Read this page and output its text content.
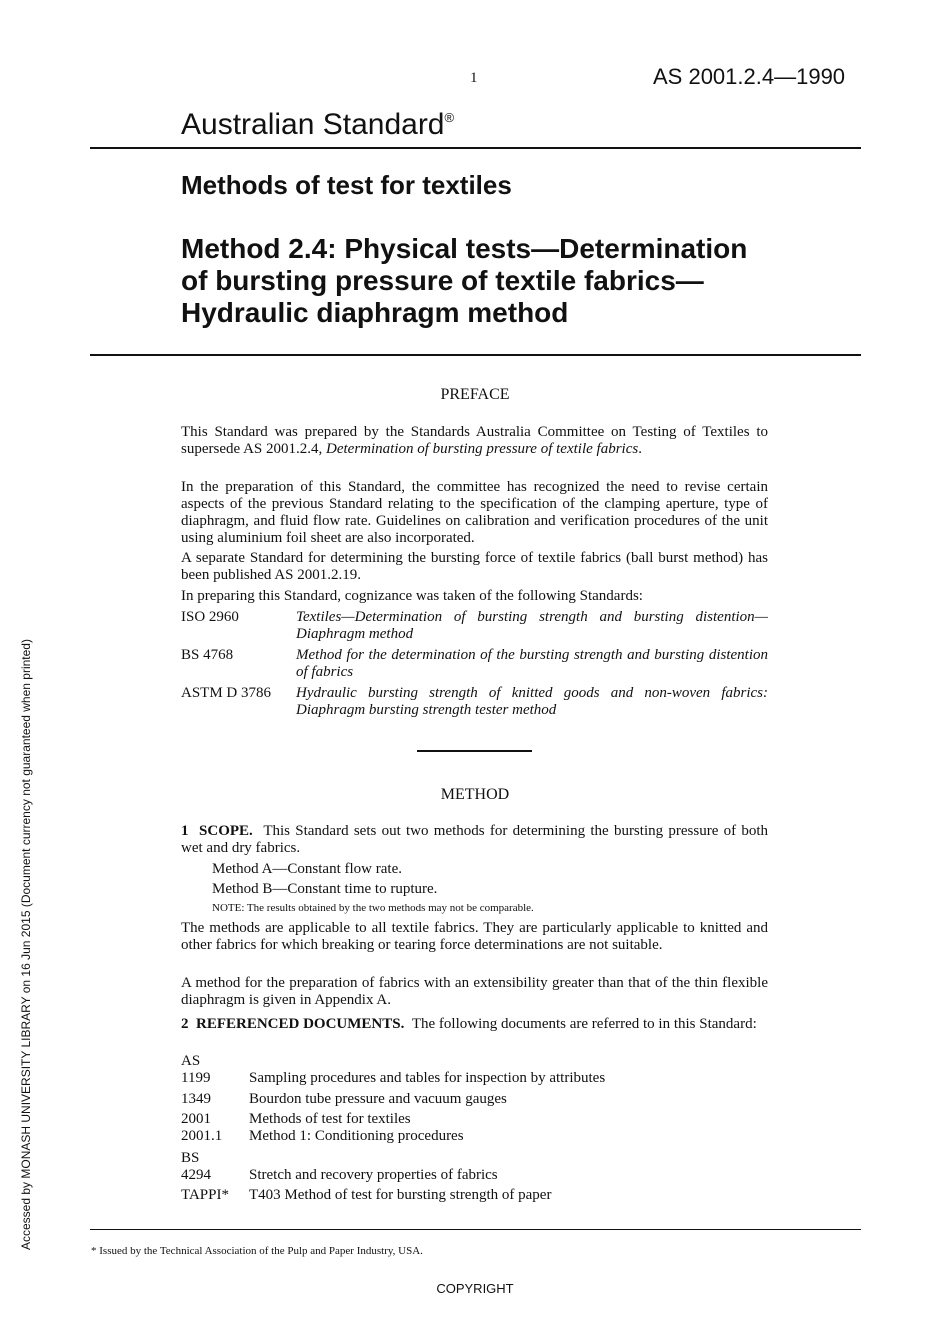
1	AS 2001.2.4—1990
Australian Standard®
Methods of test for textiles
Method 2.4: Physical tests—Determination
of bursting pressure of textile fabrics—
Hydraulic diaphragm method
PREFACE
This Standard was prepared by the Standards Australia Committee on Testing of Textiles to supersede AS 2001.2.4, Determination of bursting pressure of textile fabrics.
In the preparation of this Standard, the committee has recognized the need to revise certain aspects of the previous Standard relating to the specification of the clamping aperture, type of diaphragm, and fluid flow rate. Guidelines on calibration and verification procedures of the unit using aluminium foil sheet are also incorporated.
A separate Standard for determining the bursting force of textile fabrics (ball burst method) has been published AS 2001.2.19.
In preparing this Standard, cognizance was taken of the following Standards:
ISO 2960	Textiles—Determination of bursting strength and bursting distention—Diaphragm method
BS 4768	Method for the determination of the bursting strength and bursting distention of fabrics
ASTM D 3786	Hydraulic bursting strength of knitted goods and non-woven fabrics: Diaphragm bursting strength tester method
METHOD
1 SCOPE. This Standard sets out two methods for determining the bursting pressure of both wet and dry fabrics.
Method A—Constant flow rate.
Method B—Constant time to rupture.
NOTE: The results obtained by the two methods may not be comparable.
The methods are applicable to all textile fabrics. They are particularly applicable to knitted and other fabrics for which breaking or tearing force determinations are not suitable.
A method for the preparation of fabrics with an extensibility greater than that of the thin flexible diaphragm is given in Appendix A.
2 REFERENCED DOCUMENTS. The following documents are referred to in this Standard:
AS
1199	Sampling procedures and tables for inspection by attributes
1349	Bourdon tube pressure and vacuum gauges
2001	Methods of test for textiles
2001.1 Method 1: Conditioning procedures
BS
4294	Stretch and recovery properties of fabrics
TAPPI* T403 Method of test for bursting strength of paper
* Issued by the Technical Association of the Pulp and Paper Industry, USA.
COPYRIGHT
Accessed by MONASH UNIVERSITY LIBRARY on 16 Jun 2015 (Document currency not guaranteed when printed)
